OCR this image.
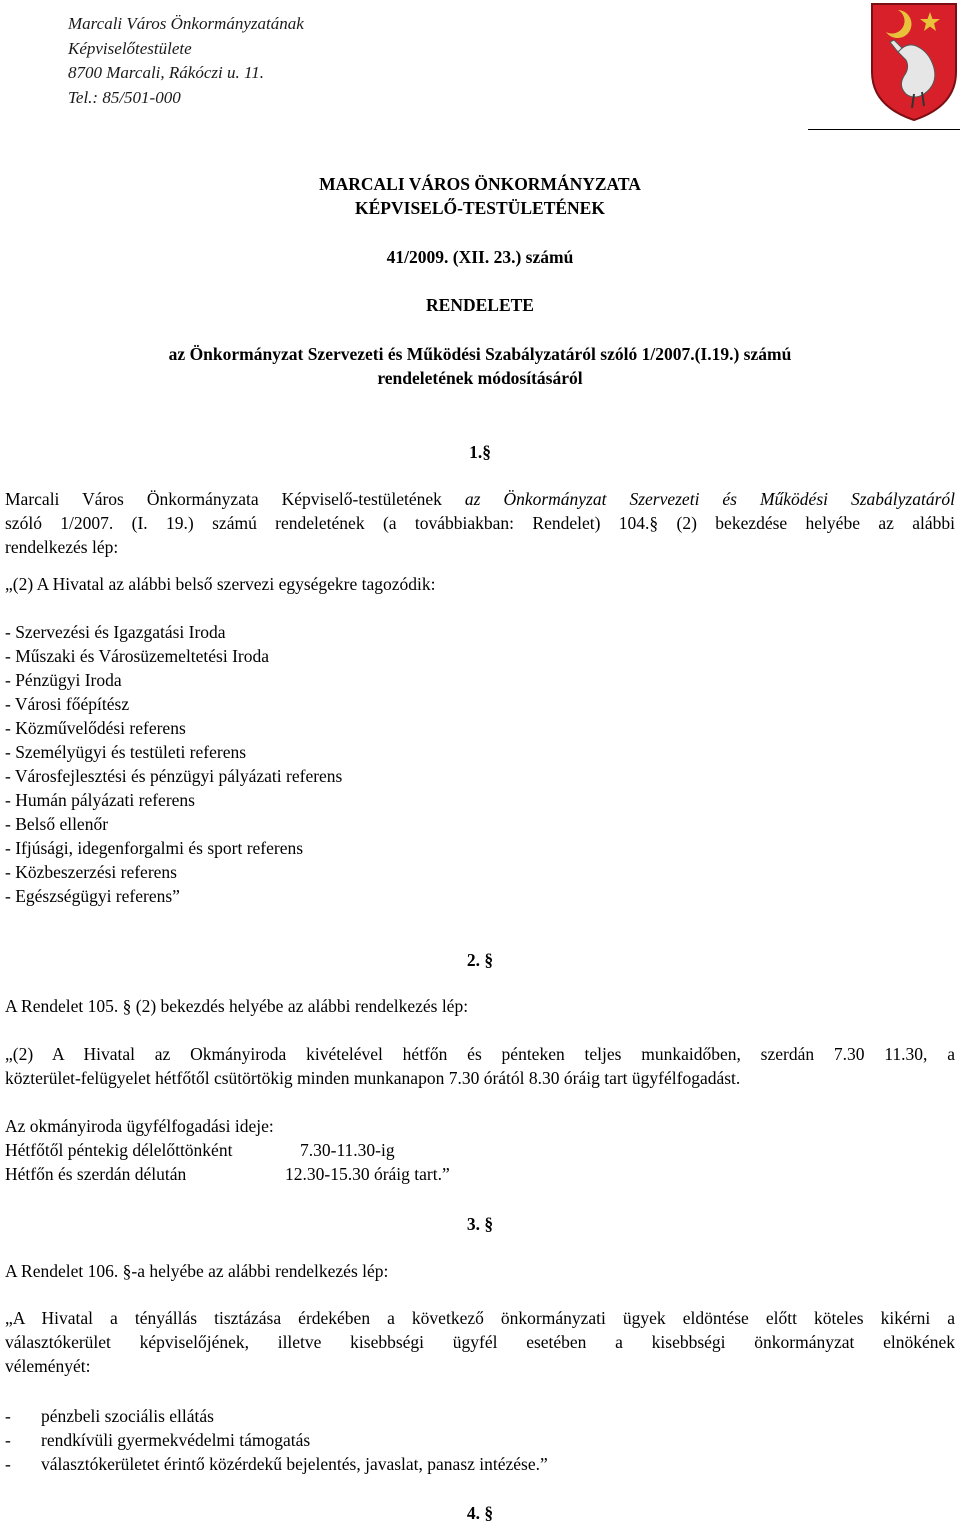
Marcali Város Önkormányzatának
Képviselőtestülete
8700 Marcali, Rákóczi u. 11.
Tel.: 85/501-000
MARCALI VÁROS ÖNKORMÁNYZATA
KÉPVISELŐ-TESTÜLETÉNEK
41/2009. (XII. 23.) számú
RENDELETE
az Önkormányzat Szervezeti és Működési Szabályzatáról szóló 1/2007.(I.19.) számú
rendeletének módosításáról
1.§
Marcali Város Önkormányzata Képviselő-testületének az Önkormányzat Szervezeti és Működési Szabályzatáról
szóló 1/2007. (I. 19.) számú rendeletének (a továbbiakban: Rendelet) 104.§ (2) bekezdése helyébe az alábbi
rendelkezés lép:
„(2) A Hivatal az alábbi belső szervezi egységekre tagozódik:
- Szervezési és Igazgatási Iroda
- Műszaki és Városüzemeltetési Iroda
- Pénzügyi Iroda
- Városi főépítész
- Közművelődési referens
- Személyügyi és testületi referens
- Városfejlesztési és pénzügyi pályázati referens
- Humán pályázati referens
- Belső ellenőr
- Ifjúsági, idegenforgalmi és sport referens
- Közbeszerzési referens
- Egészségügyi referens”
2. §
A Rendelet 105. § (2) bekezdés helyébe az alábbi rendelkezés lép:
„(2) A Hivatal az Okmányiroda kivételével hétfőn és pénteken teljes munkaidőben, szerdán 7.30 11.30, a
közterület-felügyelet hétfőtől csütörtökig minden munkanapon 7.30 órától 8.30 óráig tart ügyfélfogadást.
Az okmányiroda ügyfélfogadási ideje:
Hétfőtől péntekig délelőttönként	7.30-11.30-ig
Hétfőn és szerdán délután	12.30-15.30 óráig tart.”
3. §
A Rendelet 106. §-a helyébe az alábbi rendelkezés lép:
„A Hivatal a tényállás tisztázása érdekében a következő önkormányzati ügyek eldöntése előtt köteles kikérni a
választókerület képviselőjének, illetve kisebbségi ügyfél esetében a kisebbségi önkormányzat elnökének
véleményét:
- pénzbeli szociális ellátás
- rendkívüli gyermekvédelmi támogatás
- választókerületet érintő közérdekű bejelentés, javaslat, panasz intézése.”
4. §
